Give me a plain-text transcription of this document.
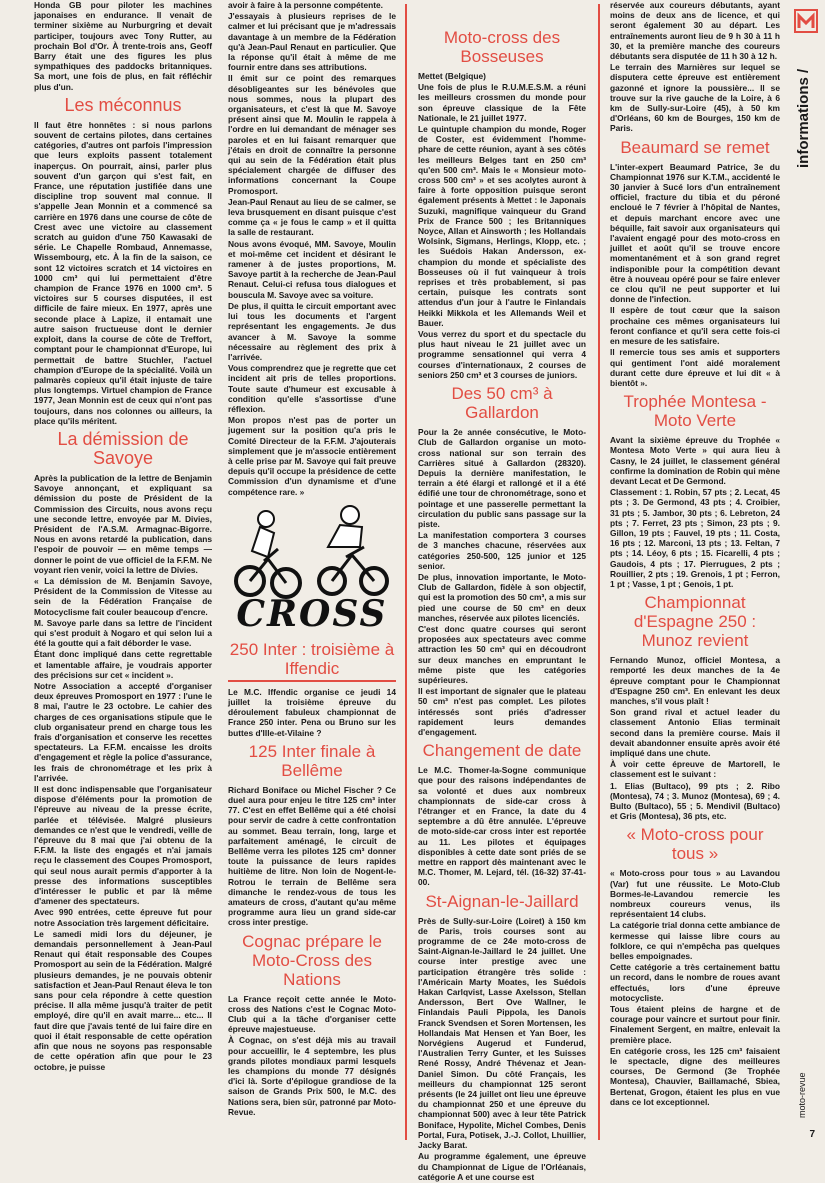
Honda GB pour piloter les machines japonaises en endurance. Il venait de terminer sixième au Nurburgring et devait participer, toujours avec Tony Rutter, au prochain Bol d'Or. À trente-trois ans, Geoff Barry était une des figures les plus sympathiques des paddocks britanniques. Sa mort, une fois de plus, en fait réfléchir plus d'un.

Les méconnus

Il faut être honnêtes : si nous parlons souvent de certains pilotes, dans certaines catégories, d'autres ont parfois l'impression que leurs exploits passent totalement inaperçus. On pourrait, ainsi, parler plus souvent d'un garçon qui s'est fait, en France, une réputation justifiée dans une discipline trop souvent mal connue. Il s'appelle Jean Monnin et a commencé sa carrière en 1976 dans une course de côte de Crest avec une victoire au classement scratch au guidon d'une 750 Kawasaki de série. Le Chapelle Rombaud, Annemasse, Wissembourg, etc. À la fin de la saison, ce sont 12 victoires scratch et 14 victoires en 1000 cm³ qui lui permettaient d'être champion de France 1976 en 1000 cm³. 5 victoires sur 5 courses disputées, il est difficile de faire mieux. En 1977, après une seconde place à Lapize, il entamait une autre saison fructueuse dont le dernier exploit, dans la course de côte de Treffort, comptant pour le championnat d'Europe, lui permettait de battre Stuchler, l'actuel champion d'Europe de la spécialité. Voilà un palmarès copieux qu'il était injuste de taire plus longtemps. Virtuel champion de France 1977, Jean Monnin est de ceux qui n'ont pas toujours, dans nos colonnes ou ailleurs, la place qu'ils méritent.

La démission de Savoye

Après la publication de la lettre de Benjamin Savoye annonçant, et expliquant sa démission du poste de Président de la Commission des Circuits, nous avons reçu une seconde lettre, envoyée par M. Divies, Président de l'A.S.M. Armagnac-Bigorre. Nous en avons retardé la publication, dans l'espoir de pouvoir — en même temps — donner le point de vue officiel de la F.F.M. Ne voyant rien venir, voici la lettre de Divies.

« La démission de M. Benjamin Savoye, Président de la Commission de Vitesse au sein de la Fédération Française de Motocyclisme fait couler beaucoup d'encre.

M. Savoye parle dans sa lettre de l'incident qui s'est produit à Nogaro et qui selon lui a été la goutte qui a fait déborder le vase.

Étant donc impliqué dans cette regrettable et lamentable affaire, je voudrais apporter des précisions sur cet « incident ».

Notre Association a accepté d'organiser deux épreuves Promosport en 1977 : l'une le 8 mai, l'autre le 23 octobre. Le cahier des charges de ces organisations stipule que le club organisateur prend en charge tous les frais d'organisation et conserve les recettes spectateurs. La F.F.M. encaisse les droits d'engagement et règle la police d'assurance, les frais de chronométrage et les prix à l'arrivée.

Il est donc indispensable que l'organisateur dispose d'éléments pour la promotion de l'épreuve au niveau de la presse écrite, parlée et télévisée. Malgré plusieurs demandes ce n'est que le vendredi, veille de l'épreuve du 8 mai que j'ai obtenu de la F.F.M. la liste des engagés et n'ai jamais reçu le classement des Coupes Promosport, qui seul nous aurait permis d'apporter à la presse des informations susceptibles d'intéresser le public et par là même d'amener des spectateurs.

Avec 990 entrées, cette épreuve fut pour notre Association très largement déficitaire.

Le samedi midi lors du déjeuner, je demandais personnellement à Jean-Paul Renaut qui était responsable des Coupes Promosport au sein de la Fédération. Malgré plusieurs demandes, je ne pouvais obtenir satisfaction et Jean-Paul Renaut éleva le ton sans pour cela répondre à cette question précise. Il alla même jusqu'à traiter de petit employé, dire qu'il en avait marre... etc... Il faut dire que j'avais tenté de lui faire dire en quoi il était responsable de cette opération afin que nous ne soyons pas responsable de cette opération afin que pour le 23 octobre, je puisse

avoir à faire à la personne compétente.

J'essayais à plusieurs reprises de le calmer et lui précisant que je m'adressais davantage à un membre de la Fédération qu'à Jean-Paul Renaut en particulier. Que la réponse qu'il était à même de me fournir entre dans ses attributions.

Il émit sur ce point des remarques désobligeantes sur les bénévoles que nous sommes, nous la plupart des organisateurs, et c'est là que M. Savoye présent ainsi que M. Moulin le rappela à l'ordre en lui demandant de ménager ses paroles et en lui faisant remarquer que j'étais en droit de connaître la personne qui au sein de la Fédération était plus spécialement chargée de diffuser des informations concernant la Coupe Promosport.

Jean-Paul Renaut au lieu de se calmer, se leva brusquement en disant puisque c'est comme ça « je fous le camp » et il quitta la salle de restaurant.

Nous avons évoqué, MM. Savoye, Moulin et moi-même cet incident et désirant le ramener à de justes proportions, M. Savoye partit à la recherche de Jean-Paul Renaut. Celui-ci refusa tous dialogues et bouscula M. Savoye avec sa voiture.

De plus, il quitta le circuit emportant avec lui tous les documents et l'argent représentant les engagements. Je dus avancer à M. Savoye la somme nécessaire au règlement des prix à l'arrivée.

Vous comprendrez que je regrette que cet incident ait pris de telles proportions. Toute saute d'humeur est excusable à condition qu'elle s'assortisse d'une réflexion.

Mon propos n'est pas de porter un jugement sur la position qu'a pris le Comité Directeur de la F.F.M. J'ajouterais simplement que je m'associe entièrement à celle prise par M. Savoye qui fait preuve depuis qu'il occupe la présidence de cette Commission d'un dynamisme et d'une compétence rare. »

CROSS
250 Inter : troisième à Iffendic

Le M.C. Iffendic organise ce jeudi 14 juillet la troisième épreuve du déroulement fabuleux championnat de France 250 inter. Pena ou Bruno sur les buttes d'Ille-et-Vilaine ?

125 Inter finale à Bellême

Richard Boniface ou Michel Fischer ? Ce duel aura pour enjeu le titre 125 cm³ inter 77. C'est en effet Bellême qui a été choisi pour servir de cadre à cette confrontation au sommet. Beau terrain, long, large et parfaitement aménagé, le circuit de Bellême verra les pilotes 125 cm³ donner toute la puissance de leurs rapides huitième de litre. Non loin de Nogent-le-Rotrou le terrain de Bellême sera dimanche le rendez-vous de tous les amateurs de cross, d'autant qu'au même programme aura lieu un grand side-car cross inter prestige.

Cognac prépare le Moto-Cross des Nations

La France reçoit cette année le Moto-cross des Nations c'est le Cognac Moto-Club qui a la tâche d'organiser cette épreuve majestueuse.

À Cognac, on s'est déjà mis au travail pour accueillir, le 4 septembre, les plus grands pilotes mondiaux parmi lesquels les champions du monde 77 désignés d'ici là. Sorte d'épilogue grandiose de la saison de Grands Prix 500, le M.C. des Nations sera, bien sûr, patronné par Moto-Revue.

Moto-cross des Bosseuses

Mettet (Belgique)

Une fois de plus le R.U.M.E.S.M. a réuni les meilleurs crossmen du monde pour son épreuve classique de la Fête Nationale, le 21 juillet 1977.

Le quintuple champion du monde, Roger de Coster, est évidemment l'homme-phare de cette réunion, ayant à ses côtés les meilleurs Belges tant en 250 cm³ qu'en 500 cm³. Mais le « Monsieur moto-cross 500 cm³ » et ses acolytes auront à faire à forte opposition puisque seront également présents à Mettet : le Japonais Suzuki, magnifique vainqueur du Grand Prix de France 500 ; les Britanniques Noyce, Allan et Ainsworth ; les Hollandais Wolsink, Sigmans, Herlings, Klopp, etc. ; les Suédois Hakan Andersson, ex-champion du monde et spécialiste des Bosseuses où il fut vainqueur à trois reprises et très probablement, si pas certain, puisque les contrats sont attendus d'un jour à l'autre le Finlandais Heikki Mikkola et les Allemands Weil et Bauer.

Vous verrez du sport et du spectacle du plus haut niveau le 21 juillet avec un programme sensationnel qui verra 4 courses d'internationaux, 2 courses de seniors 250 cm³ et 3 courses de juniors.

Des 50 cm³ à Gallardon

Pour la 2e année consécutive, le Moto-Club de Gallardon organise un moto-cross national sur son terrain des Carrières situé à Gallardon (28320). Depuis la dernière manifestation, le terrain a été élargi et rallongé et il a été édifié une tour de chronométrage, sono et pointage et une passerelle permettant la circulation du public sans passage sur la piste.

La manifestation comportera 3 courses de 3 manches chacune, réservées aux catégories 250-500, 125 junior et 125 senior.

De plus, innovation importante, le Moto-Club de Gallardon, fidèle à son objectif, qui est la promotion des 50 cm³, a mis sur pied une course de 50 cm³ en deux manches, réservée aux pilotes licenciés.

C'est donc quatre courses qui seront proposées aux spectateurs avec comme attraction les 50 cm³ qui en découdront sur deux manches en empruntant le même piste que les catégories supérieures.

Il est important de signaler que le plateau 50 cm³ n'est pas complet. Les pilotes intéressés sont priés d'adresser rapidement leurs demandes d'engagement.

Changement de date

Le M.C. Thomer-la-Sogne communique que pour des raisons indépendantes de sa volonté et dues aux nombreux championnats de side-car cross à l'étranger et en France, la date du 4 septembre a dû être annulée. L'épreuve de moto-side-car cross inter est reportée au 11. Les pilotes et équipages disponibles à cette date sont priés de se mettre en rapport dès maintenant avec le M.C. Thomer, M. Lejard, tél. (16-32) 37-41-00.

St-Aignan-le-Jaillard

Près de Sully-sur-Loire (Loiret) à 150 km de Paris, trois courses sont au programme de ce 24e moto-cross de Saint-Aignan-le-Jaillard le 24 juillet. Une course inter prestige avec une participation étrangère très solide : l'Américain Marty Moates, les Suédois Hakan Carlqvist, Lasse Axelsson, Stellan Andersson, Bert Ove Wallner, le Finlandais Pauli Pippola, les Danois Franck Svendsen et Soren Mortensen, les Hollandais Mat Hensen et Yan Boer, les Norvégiens Augerud et Funderud, l'Australien Terry Gunter, et les Suisses René Rossy, André Thévenaz et Jean-Daniel Simon. Du côté Français, les meilleurs du championnat 125 seront présents (le 24 juillet ont lieu une épreuve du championnat 250 et une épreuve du championnat 500) avec à leur tête Patrick Boniface, Hypolite, Michel Combes, Denis Portal, Fura, Potisek, J.-J. Collot, Lhuillier, Jacky Barat.

Au programme également, une épreuve du Championnat de Ligue de l'Orléanais, catégorie A et une course est

réservée aux coureurs débutants, ayant moins de deux ans de licence, et qui seront également 30 au départ. Les entraînements auront lieu de 9 h 30 à 11 h 30, et la première manche des coureurs débutants sera disputée de 11 h 30 à 12 h.

Le terrain des Marnières sur lequel se disputera cette épreuve est entièrement gazonné et ignore la poussière... Il se trouve sur la rive gauche de la Loire, à 6 km de Sully-sur-Loire (45), à 50 km d'Orléans, 60 km de Bourges, 150 km de Paris.

Beaumard se remet

L'inter-expert Beaumard Patrice, 3e du Championnat 1976 sur K.T.M., accidenté le 30 janvier à Sucé lors d'un entraînement officiel, fracture du tibia et du péroné encloué le 7 février à l'hôpital de Nantes, et depuis marchant encore avec une béquille, fait savoir aux organisateurs qui l'avaient engagé pour des moto-cross en juillet et août qu'il se trouve encore momentanément et à son grand regret indisponible pour la compétition devant être à nouveau opéré pour se faire enlever ce clou qu'il ne peut supporter et lui donne de l'infection.

Il espère de tout cœur que la saison prochaine ces mêmes organisateurs lui feront confiance et qu'il sera cette fois-ci en mesure de les satisfaire.

Il remercie tous ses amis et supporters qui gentiment l'ont aidé moralement durant cette dure épreuve et lui dit « à bientôt ».

Trophée Montesa - Moto Verte

Avant la sixième épreuve du Trophée « Montesa Moto Verte » qui aura lieu à Casny, le 24 juillet, le classement général confirme la domination de Robin qui mène devant Lecat et De Germond.

Classement : 1. Robin, 57 pts ; 2. Lecat, 45 pts ; 3. De Germond, 43 pts ; 4. Croibier, 31 pts ; 5. Jambor, 30 pts ; 6. Lebreton, 24 pts ; 7. Ferret, 23 pts ; Simon, 23 pts ; 9. Gillon, 19 pts ; Fauvel, 19 pts ; 11. Costa, 16 pts ; 12. Marconi, 13 pts ; 13. Feltan, 7 pts ; 14. Léoy, 6 pts ; 15. Ficarelli, 4 pts ; Gaudois, 4 pts ; 17. Pierrugues, 2 pts ; Rouillier, 2 pts ; 19. Grenois, 1 pt ; Ferron, 1 pt ; Vasse, 1 pt ; Genois, 1 pt.

Championnat d'Espagne 250 : Munoz revient

Fernando Munoz, officiel Montesa, a remporté les deux manches de la 4e épreuve comptant pour le Championnat d'Espagne 250 cm³. En enlevant les deux manches, s'il vous plaît !

Son grand rival et actuel leader du classement Antonio Elias terminait second dans la première course. Mais il devait abandonner ensuite après avoir été impliqué dans une chute.

À voir cette épreuve de Martorell, le classement est le suivant :

1. Elias (Bultaco), 99 pts ; 2. Ribo (Montesa), 74 ; 3. Munoz (Montesa), 69 ; 4. Bulto (Bultaco), 55 ; 5. Mendivil (Bultaco) et Gris (Montesa), 36 pts, etc.

« Moto-cross pour tous »

« Moto-cross pour tous » au Lavandou (Var) fut une réussite. Le Moto-Club Bormes-le-Lavandou remercie les nombreux coureurs venus, ils représentaient 14 clubs.

La catégorie trial donna cette ambiance de kermesse qui laisse libre cours au folklore, ce qui n'empêcha pas quelques belles empoignades.

Cette catégorie a très certainement battu un record, dans le nombre de roues avant effectués, lors d'une épreuve motocycliste.

Tous étaient pleins de hargne et de courage pour vaincre et surtout pour finir. Finalement Sergent, en maître, enlevait la première place.

En catégorie cross, les 125 cm³ faisaient le spectacle, digne des meilleures courses, De Germond (3e Trophée Montesa), Chauvier, Baillamaché, Sbiea, Bertenat, Grogon, étaient les plus en vue dans ce lot exceptionnel.

informations /
moto-revue
7
